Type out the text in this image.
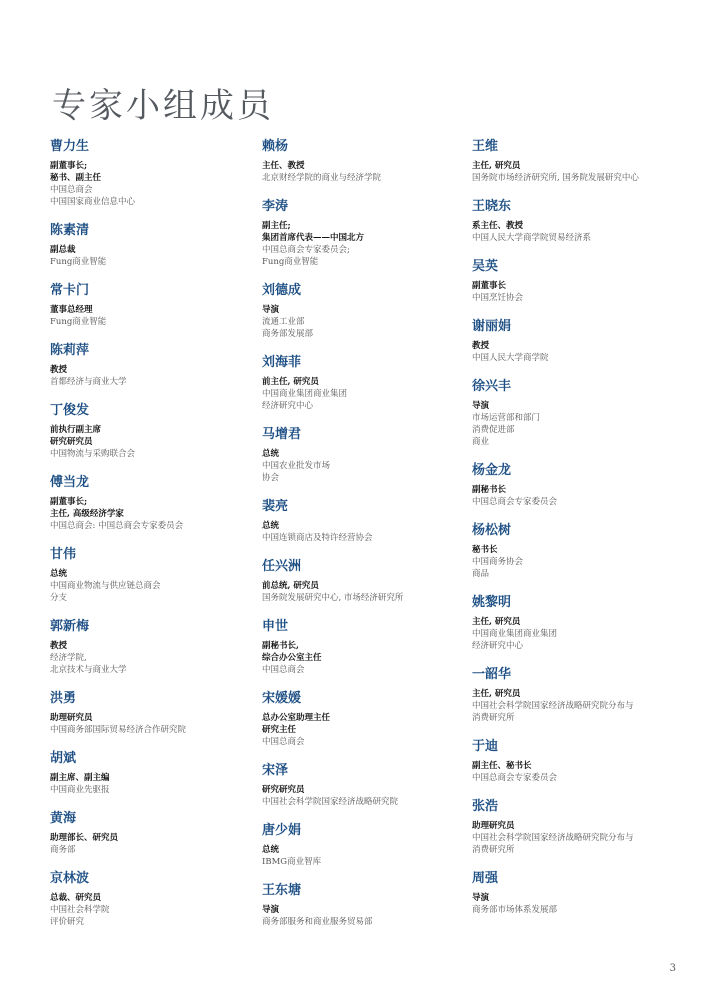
专家小组成员
曹力生
副董事长;
秘书、副主任
中国总商会
中国国家商业信息中心
陈素清
副总裁
Fung商业智能
常卡门
董事总经理
Fung商业智能
陈莉萍
教授
首都经济与商业大学
丁俊发
前执行副主席
研究研究员
中国物流与采购联合会
傅当龙
副董事长;
主任, 高级经济学家
中国总商会: 中国总商会专家委员会
甘伟
总统
中国商业物流与供应链总商会
分支
郭新梅
教授
经济学院,
北京技术与商业大学
洪勇
助理研究员
中国商务部国际贸易经济合作研究院
胡斌
副主席、副主编
中国商业先驱报
黄海
助理部长、研究员
商务部
京林波
总裁、研究员
中国社会科学院
评价研究
赖杨
主任、教授
北京财经学院的商业与经济学院
李涛
副主任;
集团首席代表——中国北方
中国总商会专家委员会;
Fung商业智能
刘德成
导演
流通工业部
商务部发展部
刘海菲
前主任, 研究员
中国商业集团商业集团
经济研究中心
马增君
总统
中国农业批发市场
协会
裴亮
总统
中国连锁商店及特许经营协会
任兴洲
前总统, 研究员
国务院发展研究中心, 市场经济研究所
申世
副秘书长,
综合办公室主任
中国总商会
宋媛媛
总办公室助理主任
研究主任
中国总商会
宋泽
研究研究员
中国社会科学院国家经济战略研究院
唐少娟
总统
IBMG商业智库
王东塘
导演
商务部服务和商业服务贸易部
王维
主任, 研究员
国务院市场经济研究所, 国务院发展研究中心
王晓东
系主任、教授
中国人民大学商学院贸易经济系
吴英
副董事长
中国烹饪协会
谢丽娟
教授
中国人民大学商学院
徐兴丰
导演
市场运营部和部门
消费促进部
商业
杨金龙
副秘书长
中国总商会专家委员会
杨松树
秘书长
中国商务协会
商品
姚黎明
主任, 研究员
中国商业集团商业集团
经济研究中心
一韶华
主任, 研究员
中国社会科学院国家经济战略研究院分布与
消费研究所
于迪
副主任、秘书长
中国总商会专家委员会
张浩
助理研究员
中国社会科学院国家经济战略研究院分布与
消费研究所
周强
导演
商务部市场体系发展部
3
